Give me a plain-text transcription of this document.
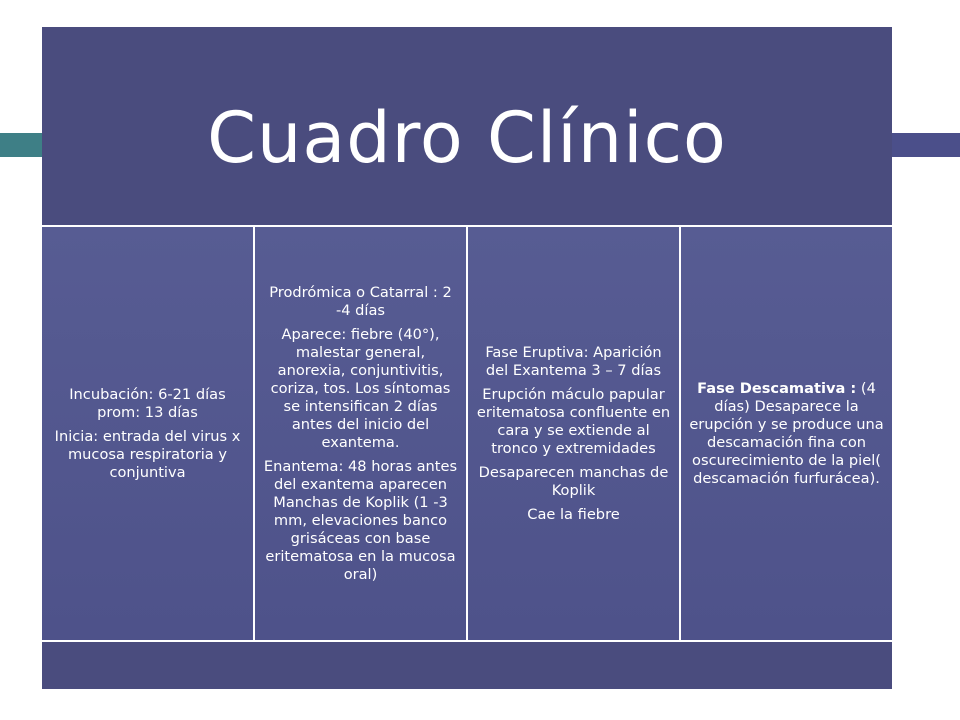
Cuadro Clínico

Incubación: 6-21 días prom: 13 días

Inicia: entrada del virus x mucosa respiratoria y conjuntiva

Prodrómica o Catarral : 2 -4 días

Aparece: fiebre (40°), malestar general, anorexia, conjuntivitis, coriza, tos. Los síntomas se intensifican 2 días antes del inicio del exantema.

Enantema: 48 horas antes del exantema aparecen Manchas de Koplik (1 -3 mm, elevaciones banco grisáceas con base eritematosa en la mucosa oral)

Fase Eruptiva: Aparición del Exantema 3 – 7 días

Erupción máculo papular eritematosa confluente en cara y se extiende al tronco y extremidades

Desaparecen manchas de Koplik

Cae la fiebre

Fase Descamativa : (4 días) Desaparece la erupción y se produce una descamación fina con oscurecimiento de la piel( descamación furfurácea).
